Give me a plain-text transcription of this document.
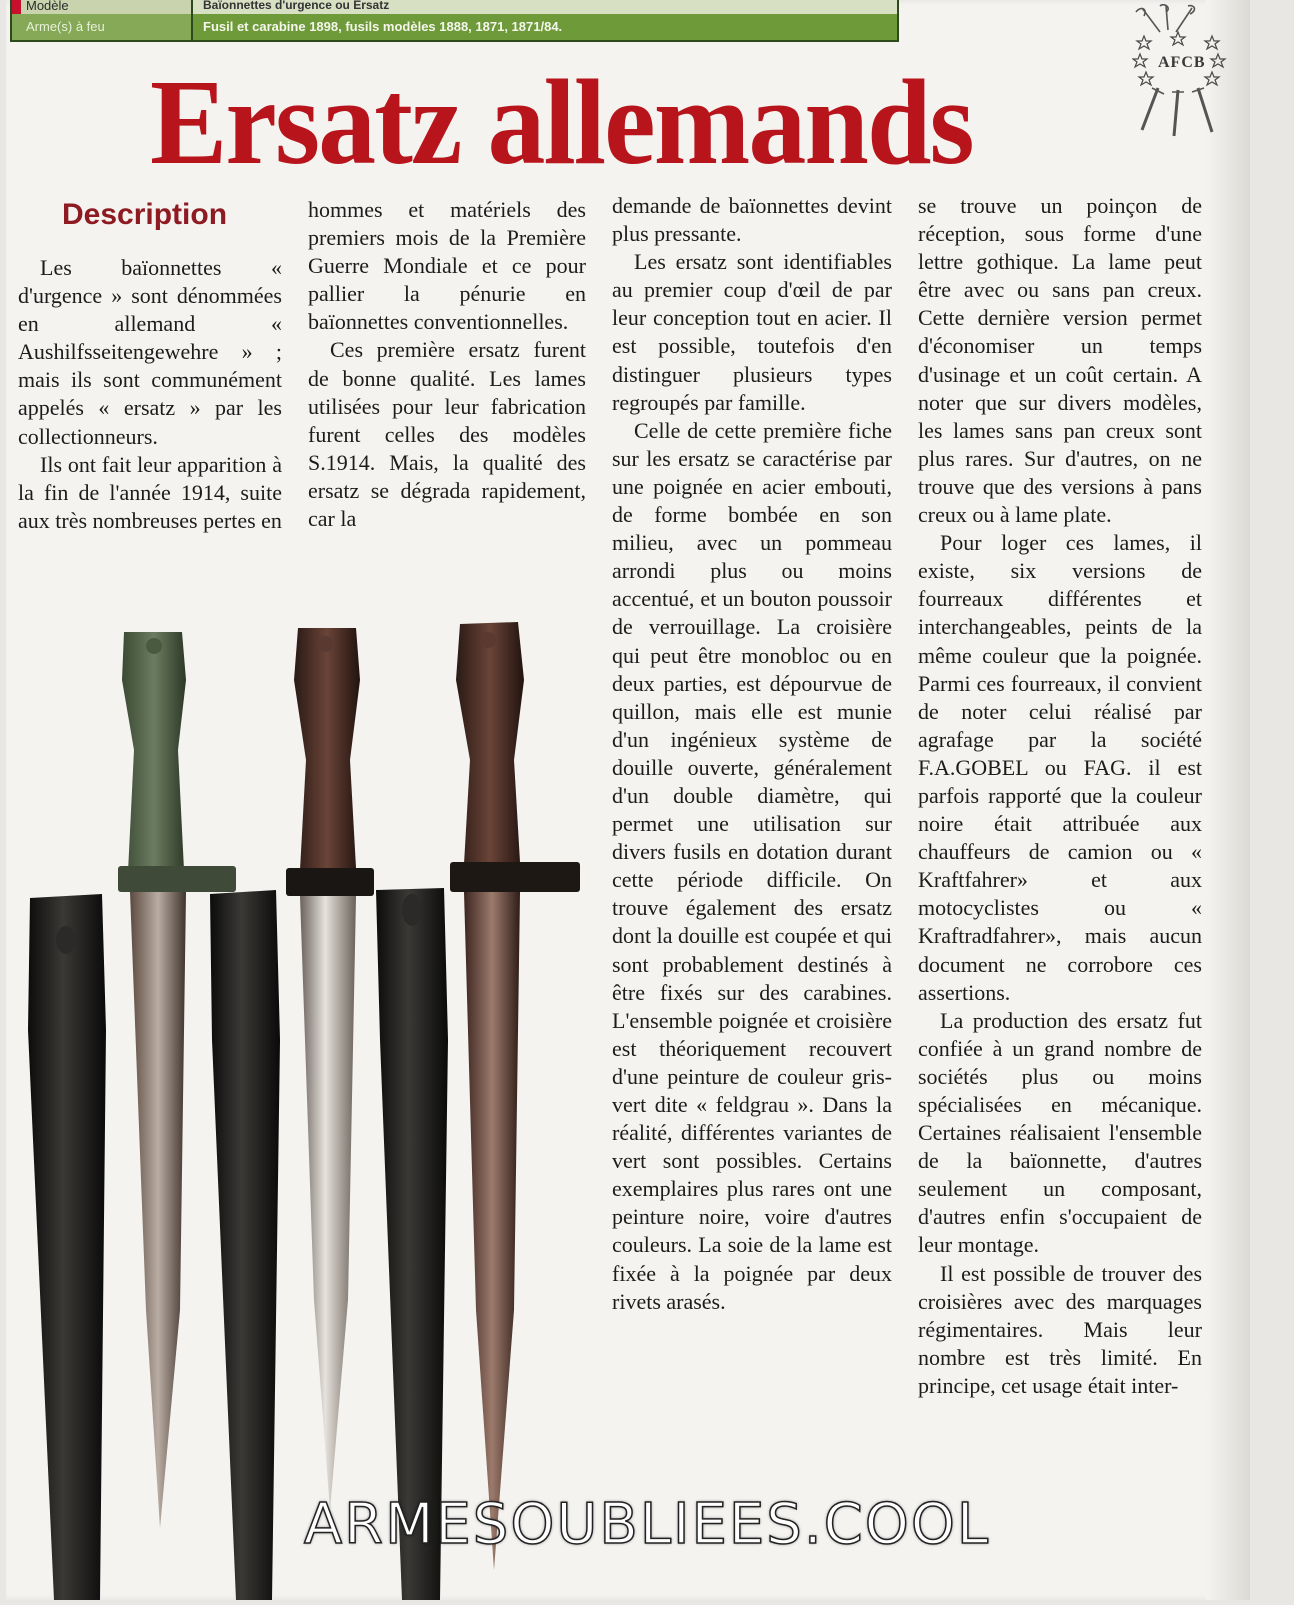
Modèle	Baïonnettes d'urgence ou Ersatz
Arme(s) à feu	Fusil et carabine 1898, fusils modèles 1888, 1871, 1871/84.
AFCB
Ersatz allemands
Description

Les baïonnettes « d'urgence » sont dénommées en allemand « Aushilfsseitengewehre » ; mais ils sont communément appelés « ersatz » par les collectionneurs.

Ils ont fait leur apparition à la fin de l'année 1914, suite aux très nombreuses pertes en

hommes et matériels des premiers mois de la Première Guerre Mondiale et ce pour pallier la pénurie en baïonnettes conventionnelles.

Ces première ersatz furent de bonne qualité. Les lames utilisées pour leur fabrication furent celles des modèles S.1914. Mais, la qualité des ersatz se dégrada rapidement, car la

demande de baïonnettes devint plus pressante.

Les ersatz sont identifiables au premier coup d'œil de par leur conception tout en acier. Il est possible, toutefois d'en distinguer plusieurs types regroupés par famille.

Celle de cette première fiche sur les ersatz se caractérise par une poignée en acier embouti, de forme bombée en son milieu, avec un pommeau arrondi plus ou moins accentué, et un bouton poussoir de verrouillage. La croisière qui peut être monobloc ou en deux parties, est dépourvue de quillon, mais elle est munie d'un ingénieux système de douille ouverte, généralement d'un double diamètre, qui permet une utilisation sur divers fusils en dotation durant cette période difficile. On trouve également des ersatz dont la douille est coupée et qui sont probablement destinés à être fixés sur des carabines. L'ensemble poignée et croisière est théoriquement recouvert d'une peinture de couleur gris-vert dite « feldgrau ». Dans la réalité, différentes variantes de vert sont possibles. Certains exemplaires plus rares ont une peinture noire, voire d'autres couleurs. La soie de la lame est fixée à la poignée par deux rivets arasés.

se trouve un poinçon de réception, sous forme d'une lettre gothique. La lame peut être avec ou sans pan creux. Cette dernière version permet d'économiser un temps d'usinage et un coût certain. A noter que sur divers modèles, les lames sans pan creux sont plus rares. Sur d'autres, on ne trouve que des versions à pans creux ou à lame plate.

Pour loger ces lames, il existe, six versions de fourreaux différentes et interchangeables, peints de la même couleur que la poignée. Parmi ces fourreaux, il convient de noter celui réalisé par agrafage par la société F.A.GOBEL ou FAG. il est parfois rapporté que la couleur noire était attribuée aux chauffeurs de camion ou « Kraftfahrer» et aux motocyclistes ou « Kraftradfahrer», mais aucun document ne corrobore ces assertions.

La production des ersatz fut confiée à un grand nombre de sociétés plus ou moins spécialisées en mécanique. Certaines réalisaient l'ensemble de la baïonnette, d'autres seulement un composant, d'autres enfin s'occupaient de leur montage.

Il est possible de trouver des croisières avec des marquages régimentaires. Mais leur nombre est très limité. En principe, cet usage était inter-

ARMESOUBLIEES.COOL
